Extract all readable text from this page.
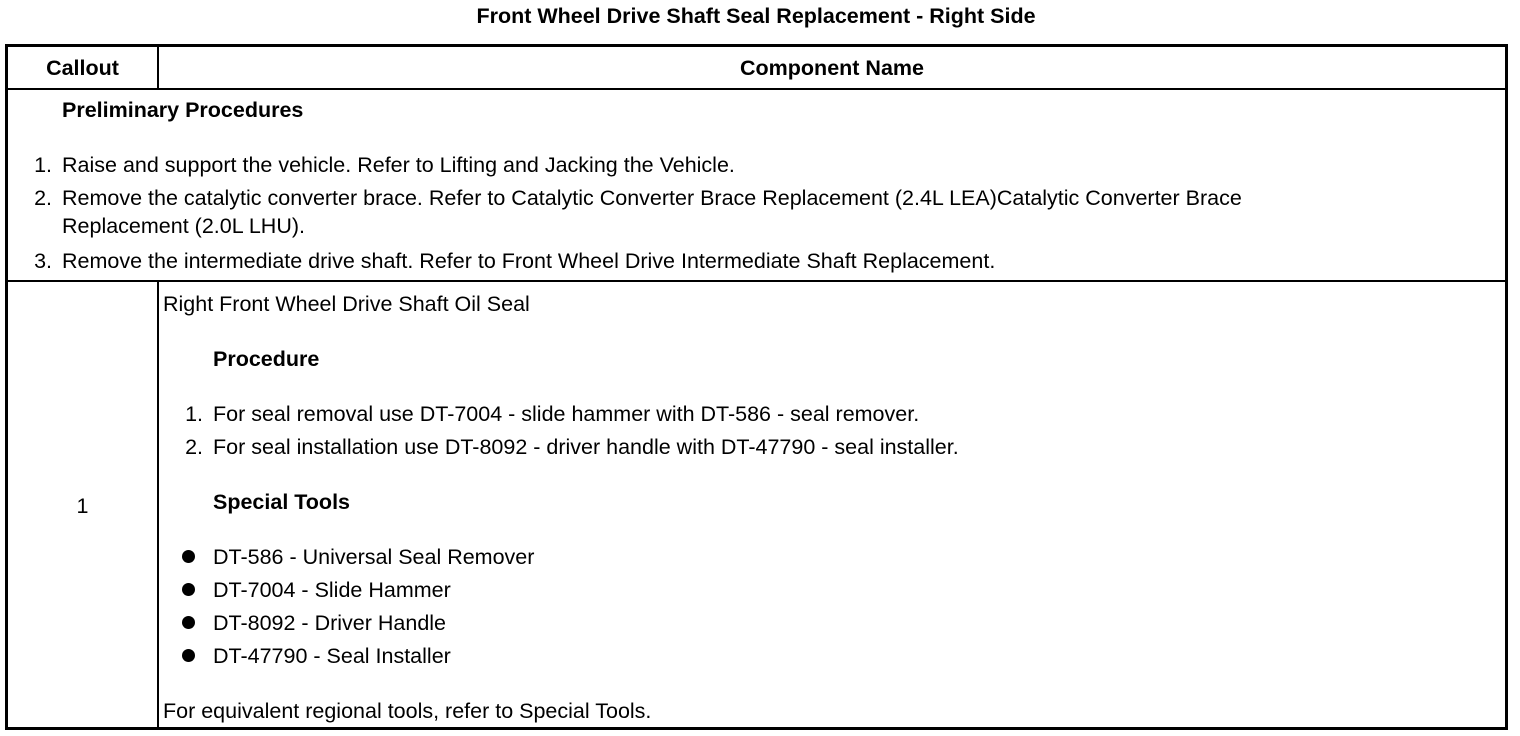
Front Wheel Drive Shaft Seal Replacement - Right Side
Callout	Component Name
Preliminary Procedures
1. Raise and support the vehicle. Refer to Lifting and Jacking the Vehicle.
2. Remove the catalytic converter brace. Refer to Catalytic Converter Brace Replacement (2.4L LEA)Catalytic Converter Brace
Replacement (2.0L LHU).
3. Remove the intermediate drive shaft. Refer to Front Wheel Drive Intermediate Shaft Replacement.
1
Right Front Wheel Drive Shaft Oil Seal
Procedure
1. For seal removal use DT-7004 - slide hammer with DT-586 - seal remover.
2. For seal installation use DT-8092 - driver handle with DT-47790 - seal installer.
Special Tools
DT-586 - Universal Seal Remover
DT-7004 - Slide Hammer
DT-8092 - Driver Handle
DT-47790 - Seal Installer
For equivalent regional tools, refer to Special Tools.
